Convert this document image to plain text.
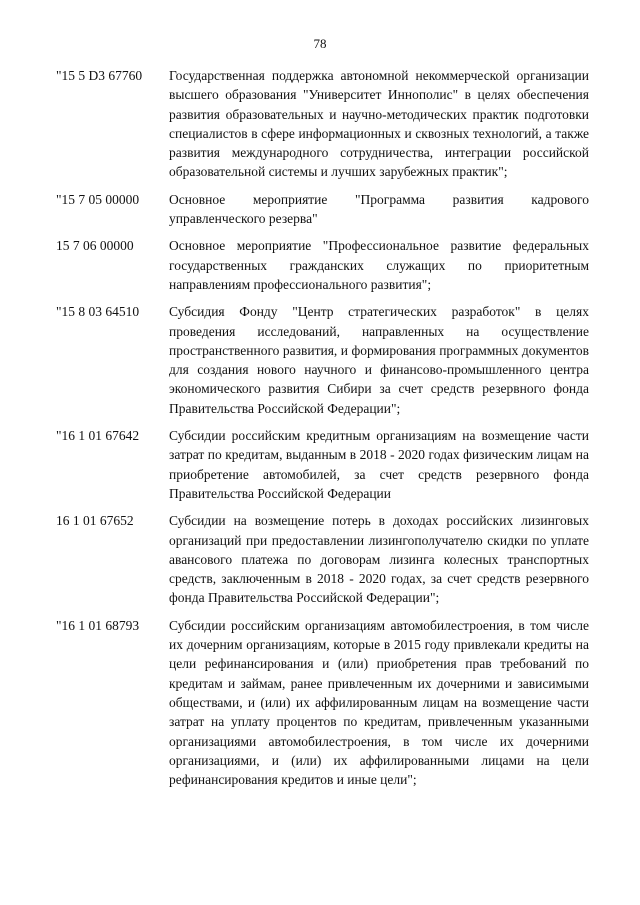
78
"15 5 D3 67760	Государственная поддержка автономной некоммерческой организации высшего образования "Университет Иннополис" в целях обеспечения развития образовательных и научно-методических практик подготовки специалистов в сфере информационных и сквозных технологий, а также развития международного сотрудничества, интеграции российской образовательной системы и лучших зарубежных практик";
"15 7 05 00000	Основное мероприятие "Программа развития кадрового управленческого резерва"
15 7 06 00000	Основное мероприятие "Профессиональное развитие федеральных государственных гражданских служащих по приоритетным направлениям профессионального развития";
"15 8 03 64510	Субсидия Фонду "Центр стратегических разработок" в целях проведения исследований, направленных на осуществление пространственного развития, и формирования программных документов для создания нового научного и финансово-промышленного центра экономического развития Сибири за счет средств резервного фонда Правительства Российской Федерации";
"16 1 01 67642	Субсидии российским кредитным организациям на возмещение части затрат по кредитам, выданным в 2018 - 2020 годах физическим лицам на приобретение автомобилей, за счет средств резервного фонда Правительства Российской Федерации
16 1 01 67652	Субсидии на возмещение потерь в доходах российских лизинговых организаций при предоставлении лизингополучателю скидки по уплате авансового платежа по договорам лизинга колесных транспортных средств, заключенным в 2018 - 2020 годах, за счет средств резервного фонда Правительства Российской Федерации";
"16 1 01 68793	Субсидии российским организациям автомобилестроения, в том числе их дочерним организациям, которые в 2015 году привлекали кредиты на цели рефинансирования и (или) приобретения прав требований по кредитам и займам, ранее привлеченным их дочерними и зависимыми обществами, и (или) их аффилированным лицам на возмещение части затрат на уплату процентов по кредитам, привлеченным указанными организациями автомобилестроения, в том числе их дочерними организациями, и (или) их аффилированными лицами на цели рефинансирования кредитов и иные цели";
